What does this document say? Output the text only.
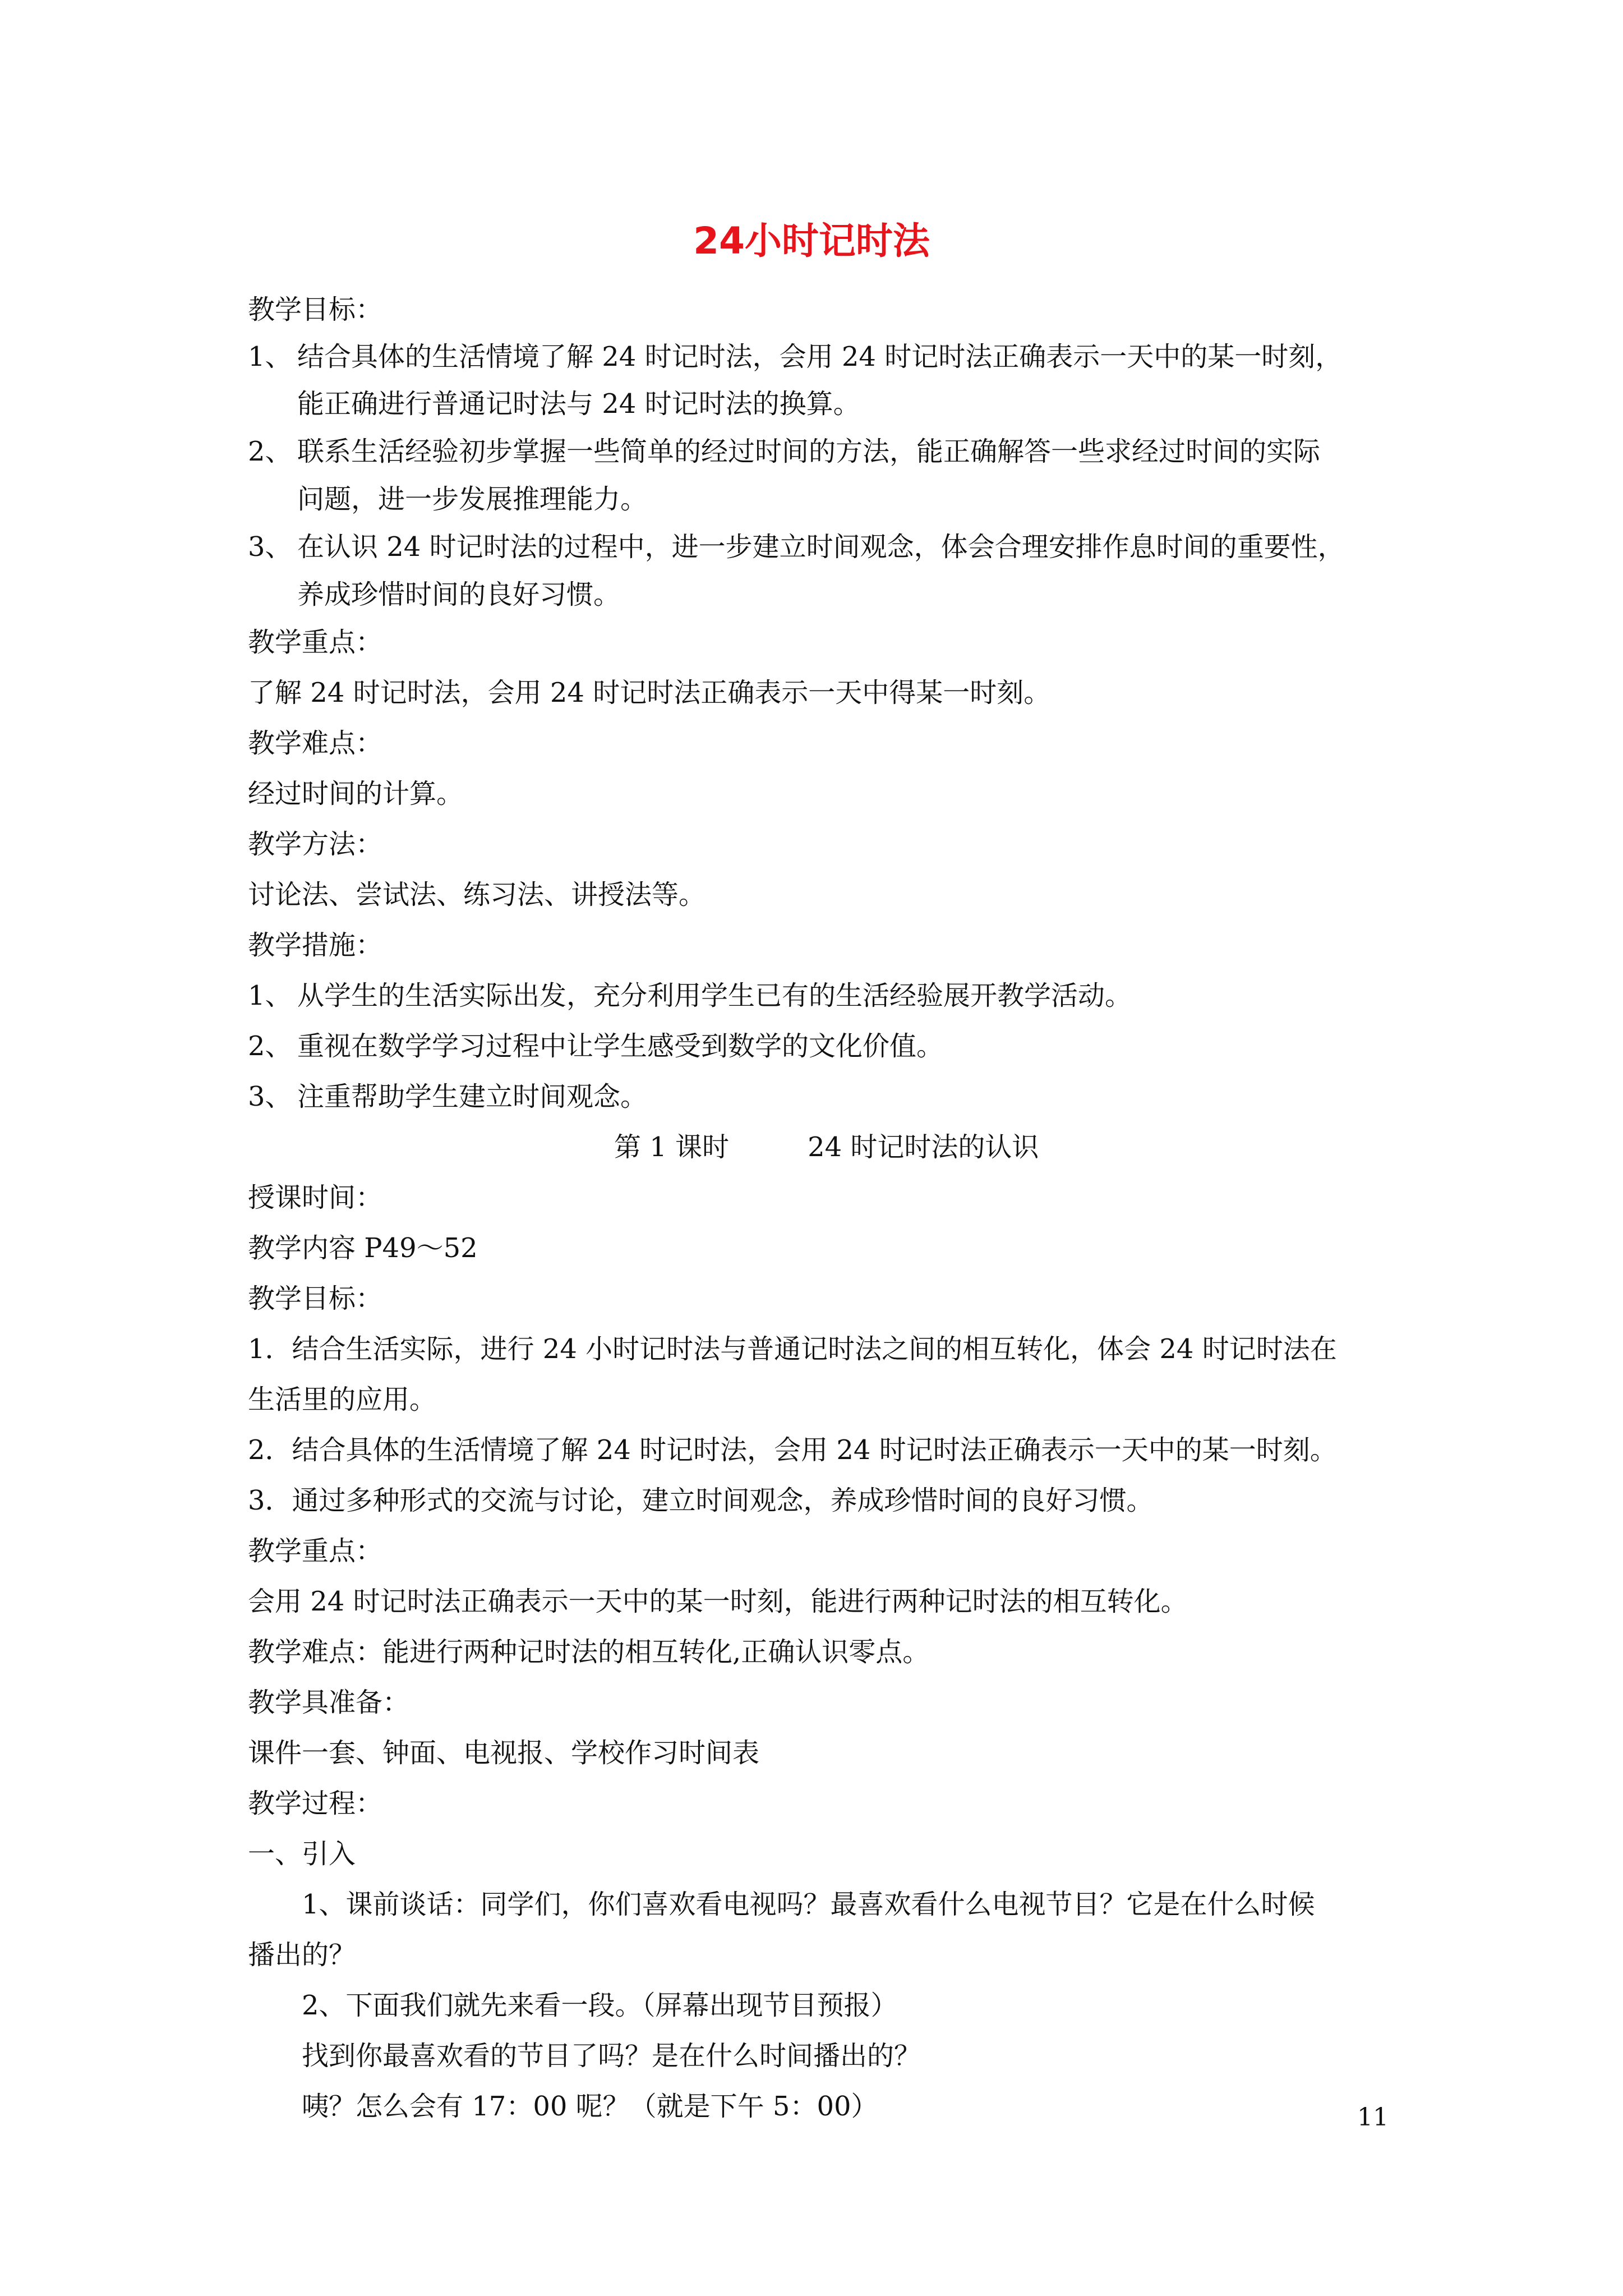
24小时记时法
教学目标：
1、 结合具体的生活情境了解 24 时记时法，会用 24 时记时法正确表示一天中的某一时刻，
能正确进行普通记时法与 24 时记时法的换算。
2、 联系生活经验初步掌握一些简单的经过时间的方法，能正确解答一些求经过时间的实际
问题，进一步发展推理能力。
3、 在认识 24 时记时法的过程中，进一步建立时间观念，体会合理安排作息时间的重要性，
养成珍惜时间的良好习惯。
教学重点：
了解 24 时记时法，会用 24 时记时法正确表示一天中得某一时刻。
教学难点：
经过时间的计算。
教学方法：
讨论法、尝试法、练习法、讲授法等。
教学措施：
1、 从学生的生活实际出发，充分利用学生已有的生活经验展开教学活动。
2、 重视在数学学习过程中让学生感受到数学的文化价值。
3、 注重帮助学生建立时间观念。
第 1 课时	24 时记时法的认识
授课时间：
教学内容 P49～52
教学目标：
1．结合生活实际，进行 24 小时记时法与普通记时法之间的相互转化，体会 24 时记时法在
生活里的应用。
2．结合具体的生活情境了解 24 时记时法，会用 24 时记时法正确表示一天中的某一时刻。
3．通过多种形式的交流与讨论，建立时间观念，养成珍惜时间的良好习惯。
教学重点：
会用 24 时记时法正确表示一天中的某一时刻，能进行两种记时法的相互转化。
教学难点：能进行两种记时法的相互转化,正确认识零点。
教学具准备：
课件一套、钟面、电视报、学校作习时间表
教学过程：
一、引入
1、课前谈话：同学们，你们喜欢看电视吗？最喜欢看什么电视节目？它是在什么时候
播出的？
2、下面我们就先来看一段。（屏幕出现节目预报）
找到你最喜欢看的节目了吗？是在什么时间播出的？
咦？怎么会有 17：00 呢？（就是下午 5：00）	11
